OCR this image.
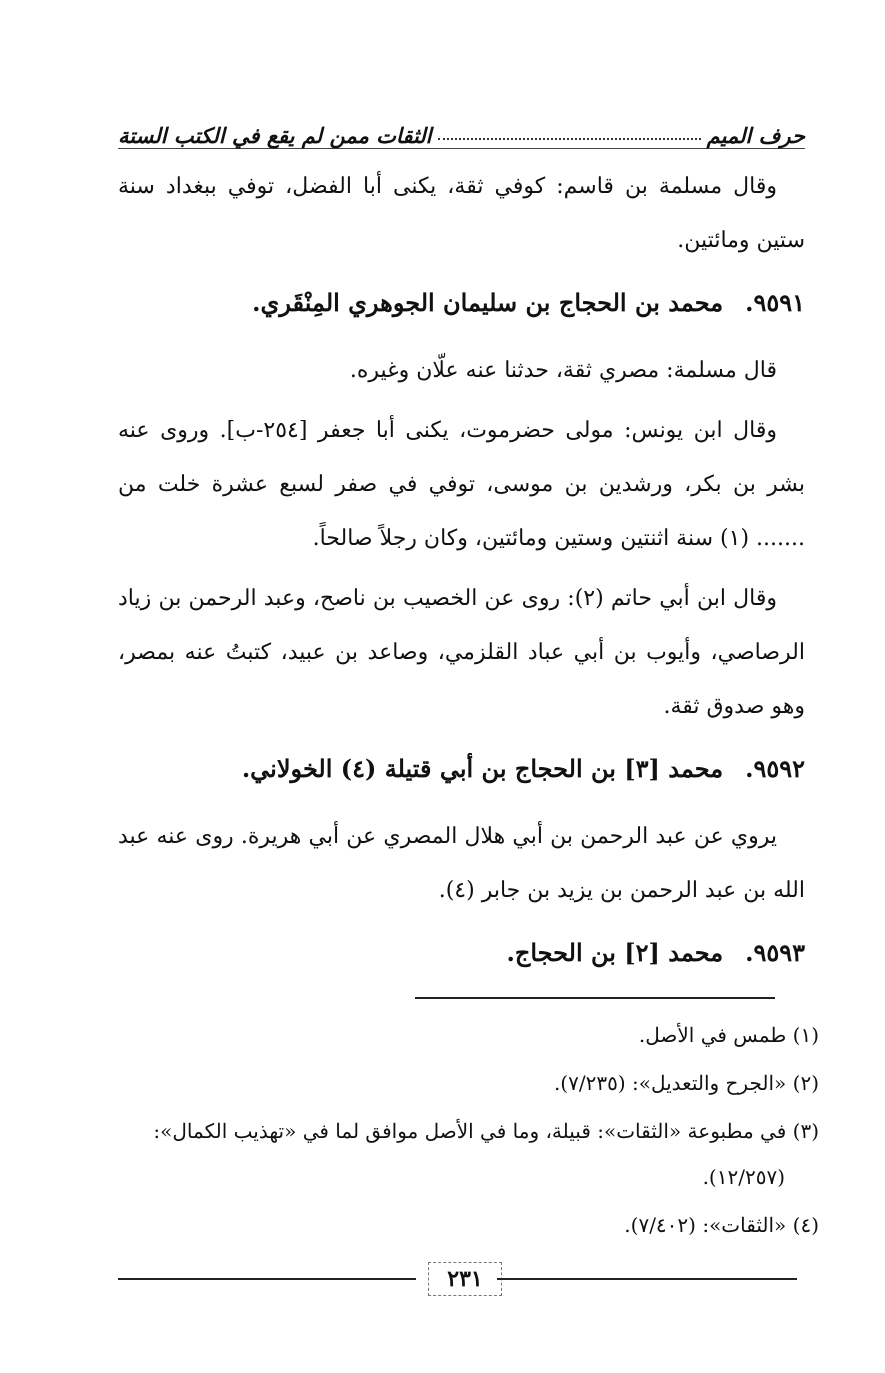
حرف الميم
الثقات ممن لم يقع في الكتب الستة

وقال مسلمة بن قاسم: كوفي ثقة، يكنى أبا الفضل، توفي ببغداد سنة ستين ومائتين.

٩٥٩١.محمد بن الحجاج بن سليمان الجوهري المِنْقَري.

قال مسلمة: مصري ثقة، حدثنا عنه علّان وغيره.

وقال ابن يونس: مولى حضرموت، يكنى أبا جعفر [٢٥٤-ب]. وروى عنه بشر بن بكر، ورشدين بن موسى، توفي في صفر لسبع عشرة خلت من ....... (١) سنة اثنتين وستين ومائتين، وكان رجلاً صالحاً.

وقال ابن أبي حاتم (٢): روى عن الخصيب بن ناصح، وعبد الرحمن بن زياد الرصاصي، وأيوب بن أبي عباد القلزمي، وصاعد بن عبيد، كتبتُ عنه بمصر، وهو صدوق ثقة.

٩٥٩٢.محمد [٣] بن الحجاج بن أبي قتيلة (٤) الخولاني.

يروي عن عبد الرحمن بن أبي هلال المصري عن أبي هريرة. روى عنه عبد الله بن عبد الرحمن بن يزيد بن جابر (٤).

٩٥٩٣.محمد [٢] بن الحجاج.

(١) طمس في الأصل.

(٢) «الجرح والتعديل»: (٧/٢٣٥).

(٣) في مطبوعة «الثقات»: قبيلة، وما في الأصل موافق لما في «تهذيب الكمال»:

(١٢/٢٥٧).

(٤) «الثقات»: (٧/٤٠٢).

٢٣١
